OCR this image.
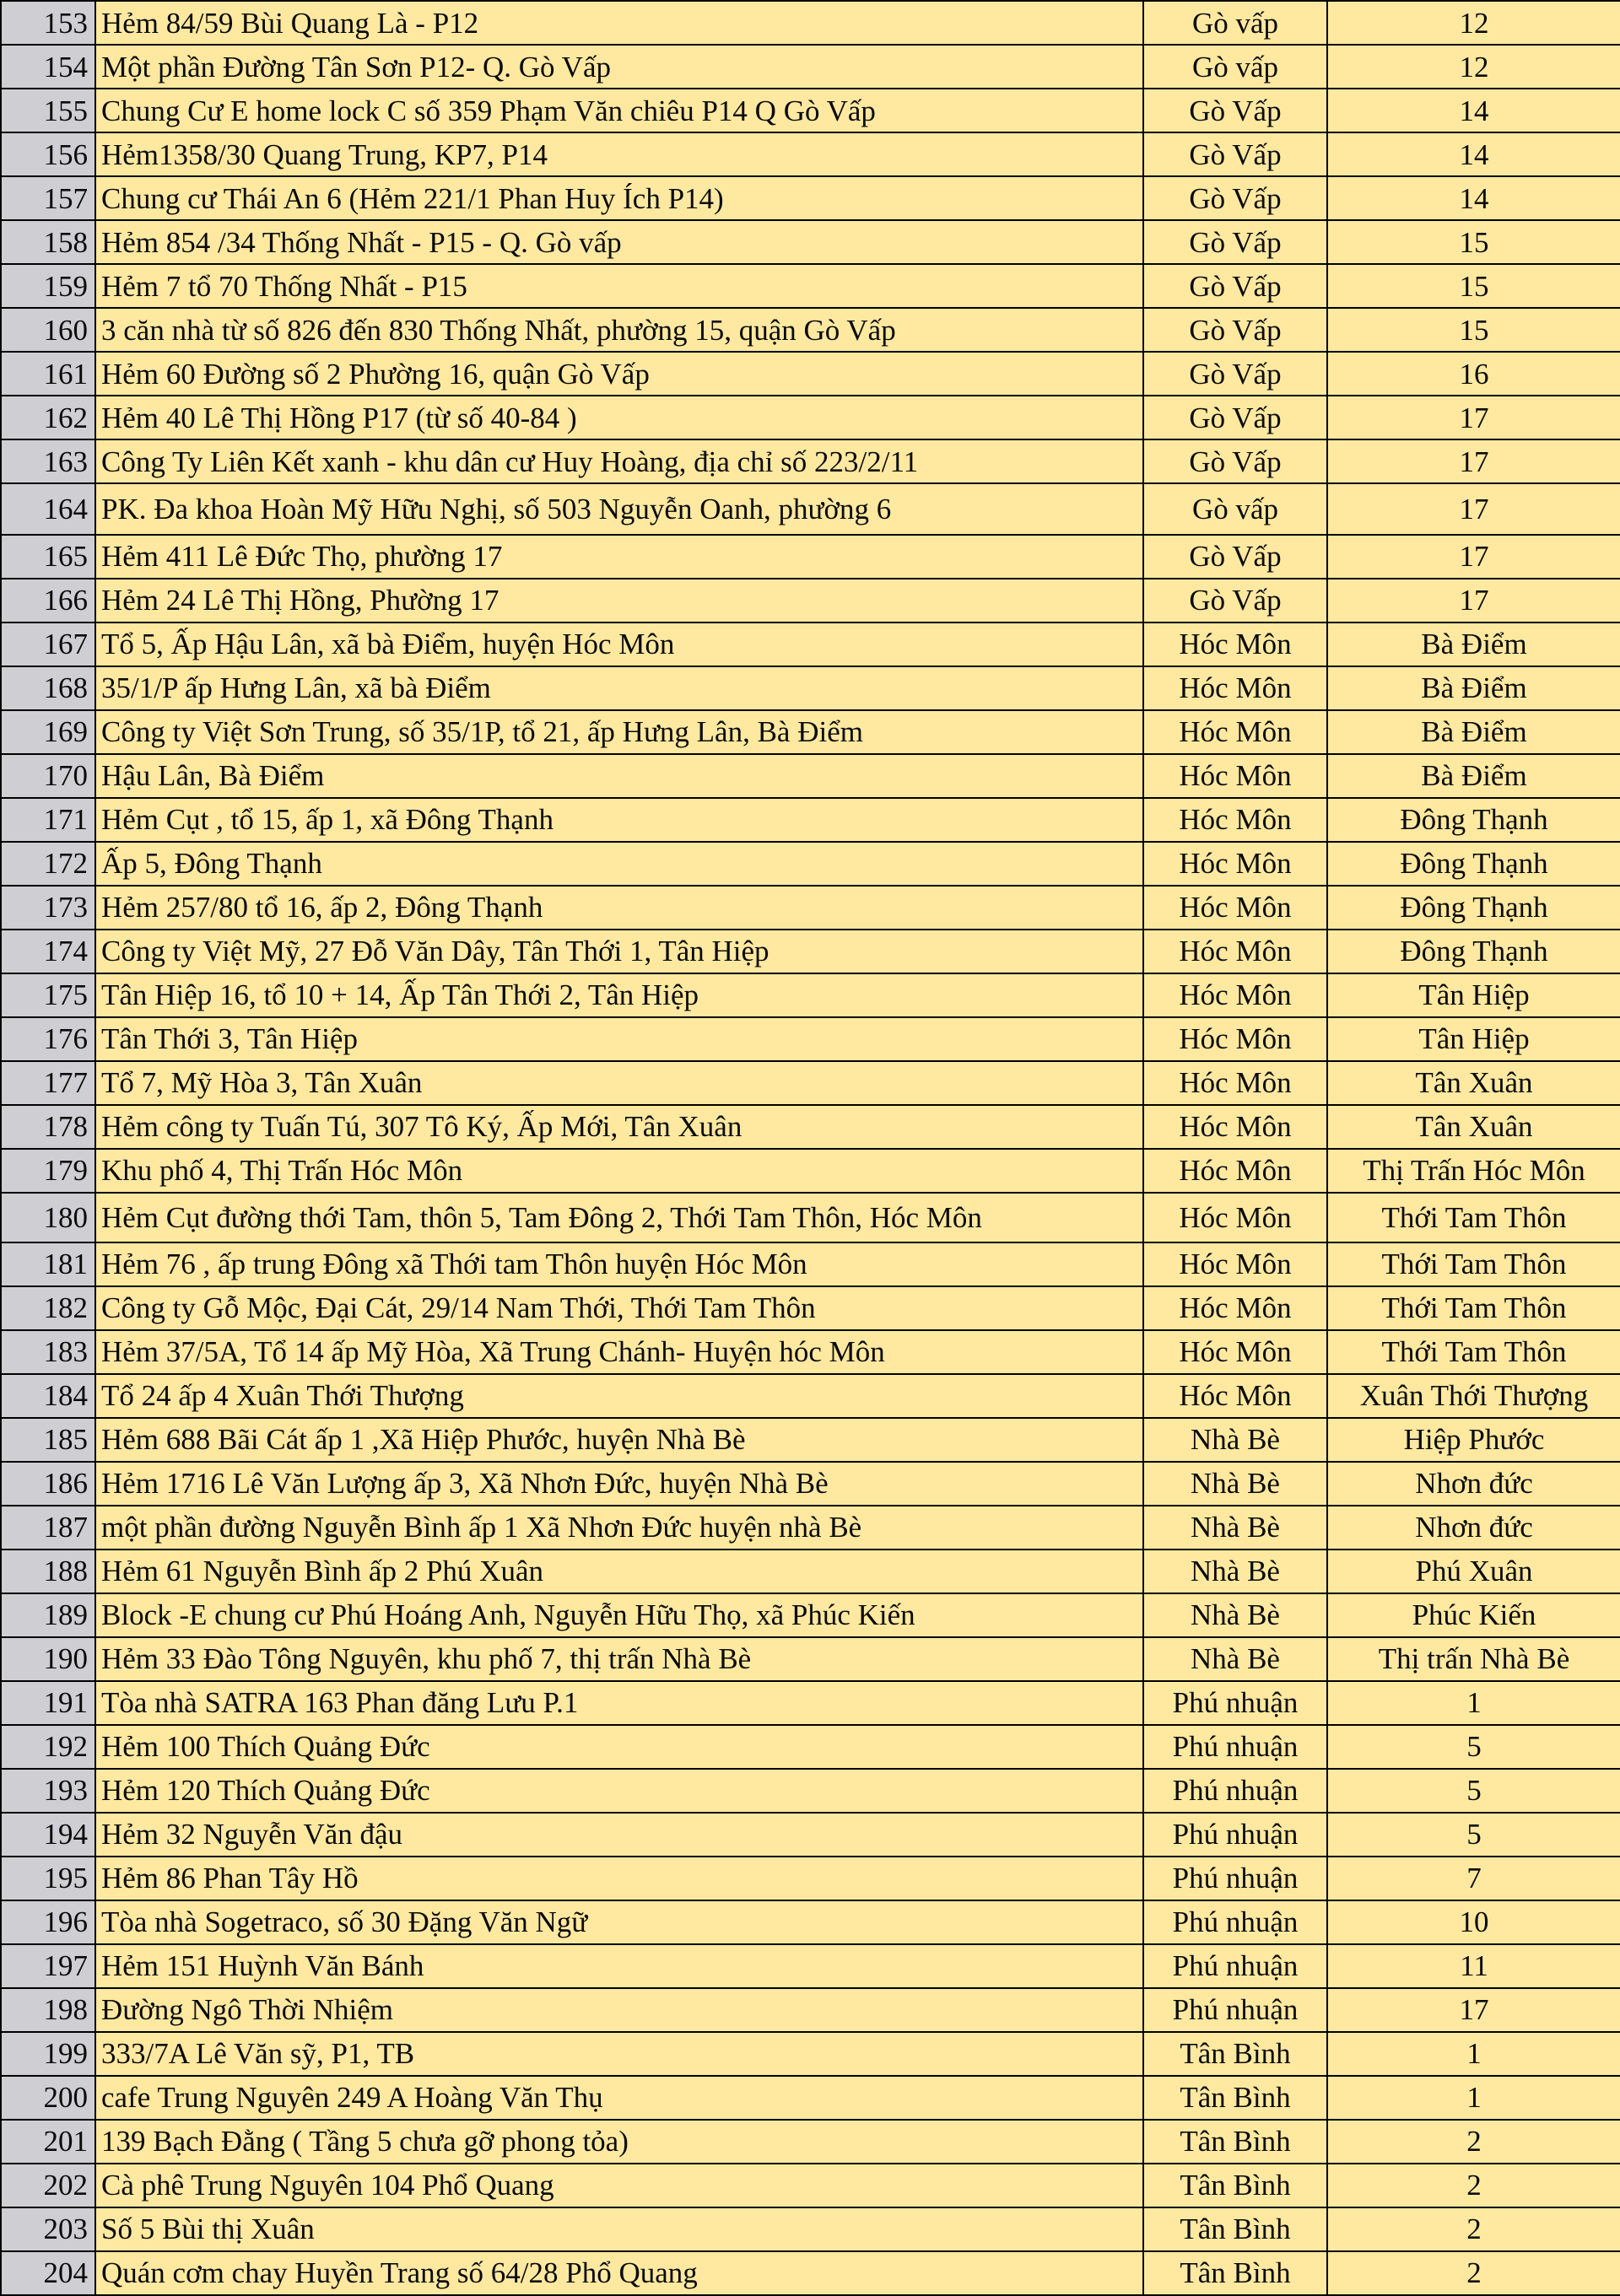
153	Hẻm 84/59 Bùi Quang Là - P12	Gò vấp	12
154	Một phần Đường Tân Sơn P12- Q. Gò Vấp	Gò vấp	12
155	Chung Cư E home lock C số 359 Phạm Văn chiêu P14 Q Gò Vấp	Gò Vấp	14
156	Hẻm1358/30 Quang Trung, KP7, P14	Gò Vấp	14
157	Chung cư Thái An 6 (Hẻm 221/1 Phan Huy Ích P14)	Gò Vấp	14
158	Hẻm 854 /34 Thống Nhất - P15 - Q. Gò vấp	Gò Vấp	15
159	Hẻm 7 tổ 70 Thống Nhất - P15	Gò Vấp	15
160	3 căn nhà từ số 826 đến 830 Thống Nhất, phường 15, quận Gò Vấp	Gò Vấp	15
161	Hẻm 60 Đường số 2 Phường 16, quận Gò Vấp	Gò Vấp	16
162	Hẻm 40 Lê Thị Hồng P17 (từ số 40-84 )	Gò Vấp	17
163	Công Ty Liên Kết xanh - khu dân cư Huy Hoàng, địa chỉ số 223/2/11	Gò Vấp	17
164	PK. Đa khoa Hoàn Mỹ Hữu Nghị, số 503 Nguyễn Oanh, phường 6	Gò vấp	17
165	Hẻm 411 Lê Đức Thọ, phường 17	Gò Vấp	17
166	Hẻm 24 Lê Thị Hồng, Phường 17	Gò Vấp	17
167	Tổ 5, Ấp Hậu Lân, xã bà Điểm, huyện Hóc Môn	Hóc Môn	Bà Điểm
168	35/1/P ấp Hưng Lân, xã bà Điểm	Hóc Môn	Bà Điểm
169	Công ty Việt Sơn Trung, số 35/1P, tổ 21, ấp Hưng Lân, Bà Điểm	Hóc Môn	Bà Điểm
170	Hậu Lân, Bà Điểm	Hóc Môn	Bà Điểm
171	Hẻm Cụt , tổ 15, ấp 1, xã Đông Thạnh	Hóc Môn	Đông Thạnh
172	Ấp 5, Đông Thạnh	Hóc Môn	Đông Thạnh
173	Hẻm 257/80 tổ 16, ấp 2, Đông Thạnh	Hóc Môn	Đông Thạnh
174	Công ty Việt Mỹ, 27 Đỗ Văn Dây, Tân Thới 1, Tân Hiệp	Hóc Môn	Đông Thạnh
175	Tân Hiệp 16, tổ 10 + 14, Ấp Tân Thới 2, Tân Hiệp	Hóc Môn	Tân Hiệp
176	Tân Thới 3, Tân Hiệp	Hóc Môn	Tân Hiệp
177	Tổ 7, Mỹ Hòa 3, Tân Xuân	Hóc Môn	Tân Xuân
178	Hẻm công ty Tuấn Tú, 307 Tô Ký, Ấp Mới, Tân Xuân	Hóc Môn	Tân Xuân
179	Khu phố 4, Thị Trấn Hóc Môn	Hóc Môn	Thị Trấn Hóc Môn
180	Hẻm Cụt đường thới Tam, thôn 5, Tam Đông 2, Thới Tam Thôn, Hóc Môn	Hóc Môn	Thới Tam Thôn
181	Hẻm 76 , ấp trung Đông xã Thới tam Thôn huyện Hóc Môn	Hóc Môn	Thới Tam Thôn
182	Công ty Gỗ Mộc, Đại Cát, 29/14 Nam Thới, Thới Tam Thôn	Hóc Môn	Thới Tam Thôn
183	Hẻm 37/5A, Tổ 14 ấp Mỹ Hòa, Xã Trung Chánh- Huyện hóc Môn	Hóc Môn	Thới Tam Thôn
184	Tổ 24 ấp 4 Xuân Thới Thượng	Hóc Môn	Xuân Thới Thượng
185	Hẻm 688 Bãi Cát ấp 1 ,Xã Hiệp Phước, huyện Nhà Bè	Nhà Bè	Hiệp Phước
186	Hẻm 1716 Lê Văn Lượng ấp 3, Xã Nhơn Đức, huyện Nhà Bè	Nhà Bè	Nhơn đức
187	một phần đường Nguyễn Bình ấp 1 Xã Nhơn Đức huyện nhà Bè	Nhà Bè	Nhơn đức
188	Hẻm 61 Nguyễn Bình ấp 2 Phú Xuân	Nhà Bè	Phú Xuân
189	Block -E chung cư Phú Hoáng Anh, Nguyễn Hữu Thọ, xã Phúc Kiến	Nhà Bè	Phúc Kiến
190	Hẻm 33 Đào Tông Nguyên, khu phố 7, thị trấn Nhà Bè	Nhà Bè	Thị trấn Nhà Bè
191	Tòa nhà SATRA 163 Phan đăng Lưu P.1	Phú nhuận	1
192	Hẻm 100 Thích Quảng Đức	Phú nhuận	5
193	Hẻm 120 Thích Quảng Đức	Phú nhuận	5
194	Hẻm 32 Nguyễn Văn đậu	Phú nhuận	5
195	Hẻm 86 Phan Tây Hồ	Phú nhuận	7
196	Tòa nhà Sogetraco, số 30 Đặng Văn Ngữ	Phú nhuận	10
197	Hẻm 151 Huỳnh Văn Bánh	Phú nhuận	11
198	Đường Ngô Thời Nhiệm	Phú nhuận	17
199	333/7A Lê Văn sỹ, P1, TB	Tân Bình	1
200	cafe Trung Nguyên 249 A Hoàng Văn Thụ	Tân Bình	1
201	139 Bạch Đằng ( Tầng 5 chưa gỡ phong tỏa)	Tân Bình	2
202	Cà phê Trung Nguyên 104 Phổ Quang	Tân Bình	2
203	Số 5 Bùi thị Xuân	Tân Bình	2
204	Quán cơm chay Huyền Trang số 64/28 Phổ Quang	Tân Bình	2
